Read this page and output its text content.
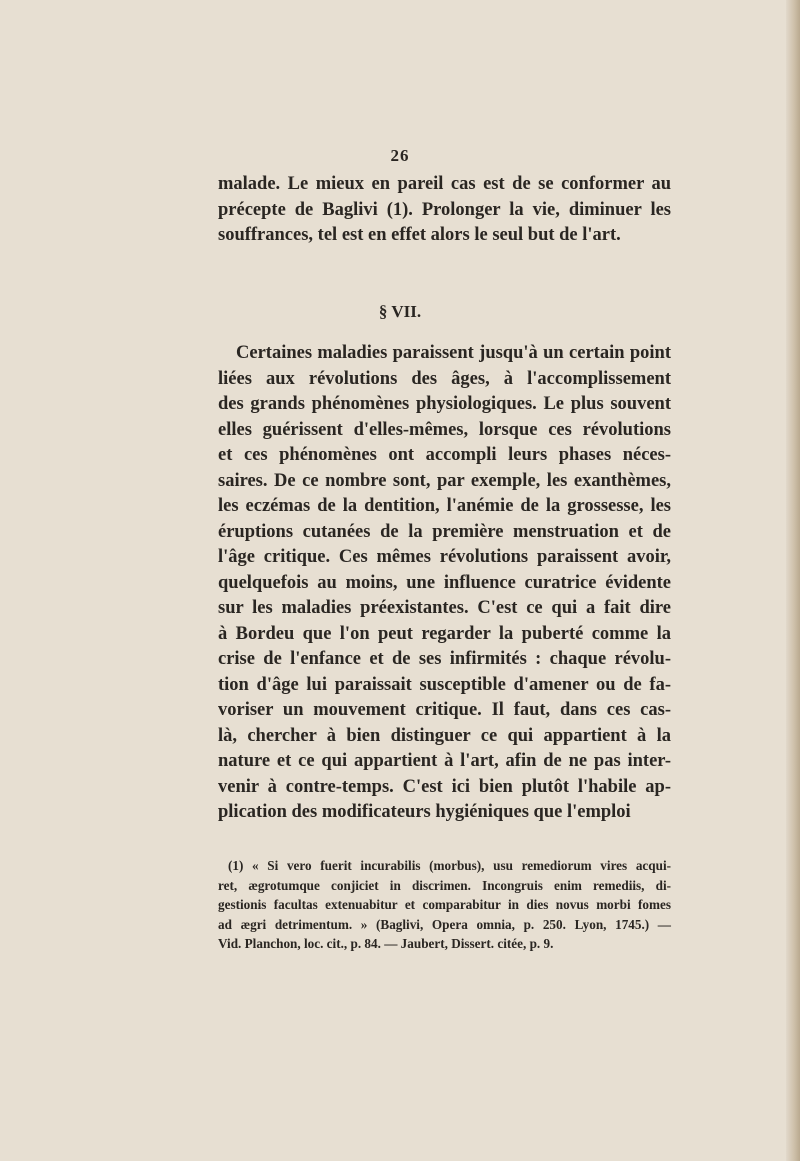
26
malade. Le mieux en pareil cas est de se conformer au
précepte de Baglivi (1). Prolonger la vie, diminuer les
souffrances, tel est en effet alors le seul but de l'art.
§ VII.
Certaines maladies paraissent jusqu'à un certain point
liées aux révolutions des âges, à l'accomplissement
des grands phénomènes physiologiques. Le plus souvent
elles guérissent d'elles-mêmes, lorsque ces révolutions
et ces phénomènes ont accompli leurs phases néces-
saires. De ce nombre sont, par exemple, les exanthèmes,
les eczémas de la dentition, l'anémie de la grossesse, les
éruptions cutanées de la première menstruation et de
l'âge critique. Ces mêmes révolutions paraissent avoir,
quelquefois au moins, une influence curatrice évidente
sur les maladies préexistantes. C'est ce qui a fait dire
à Bordeu que l'on peut regarder la puberté comme la
crise de l'enfance et de ses infirmités : chaque révolu-
tion d'âge lui paraissait susceptible d'amener ou de fa-
voriser un mouvement critique. Il faut, dans ces cas-
là, chercher à bien distinguer ce qui appartient à la
nature et ce qui appartient à l'art, afin de ne pas inter-
venir à contre-temps. C'est ici bien plutôt l'habile ap-
plication des modificateurs hygiéniques que l'emploi
(1) « Si vero fuerit incurabilis (morbus), usu remediorum vires acqui-
ret, ægrotumque conjiciet in discrimen. Incongruis enim remediis, di-
gestionis facultas extenuabitur et comparabitur in dies novus morbi fomes
ad ægri detrimentum. » (Baglivi, Opera omnia, p. 250. Lyon, 1745.) —
Vid. Planchon, loc. cit., p. 84. — Jaubert, Dissert. citée, p. 9.
